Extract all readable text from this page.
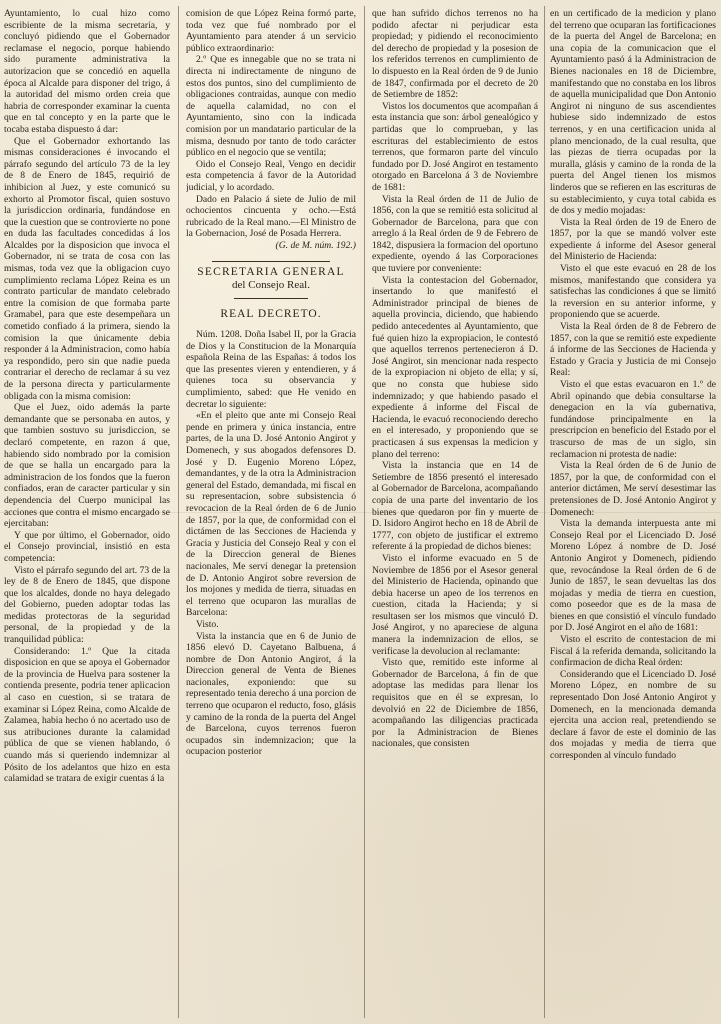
Ayuntamiento, lo cual hizo como escribiente de la misma secretaría, y concluyó pidiendo que el Gobernador reclamase el negocio, porque habiendo sido puramente administrativa la autorizacion que se concedió en aquella época al Alcalde para disponer del trigo, á la autoridad del mismo orden creia que habria de corresponder examinar la cuenta que en tal concepto y en la parte que le tocaba estaba dispuesto á dar:

Que el Gobernador exhortando las mismas consideraciones é invocando el párrafo segundo del artículo 73 de la ley de 8 de Enero de 1845, requirió de inhibicion al Juez, y este comunicó su exhorto al Promotor fiscal, quien sostuvo la jurisdiccion ordinaria, fundándose en que la cuestion que se controvierte no pone en duda las facultades concedidas á los Alcaldes por la disposicion que invoca el Gobernador, ni se trata de cosa con las mismas, toda vez que la obligacion cuyo cumplimiento reclama López Reina es un contrato particular de mandato celebrado entre la comision de que formaba parte Gramabel, para que este desempeñara un cometido confiado á la primera, siendo la comision la que únicamente debia responder á la Administracion, como había ya respondido, pero sin que nadie pueda contrariar el derecho de reclamar á su vez de la persona directa y particularmente obligada con la misma comision:

Que el Juez, oido además la parte demandante que se personaba en autos, y que tambien sostuvo su jurisdiccion, se declaró competente, en razon á que, habiendo sido nombrado por la comision de que se halla un encargado para la administracion de los fondos que la fueron confiados, eran de caracter particular y sin dependencia del Cuerpo municipal las acciones que contra el mismo encargado se ejercitaban:

Y que por último, el Gobernador, oido el Consejo provincial, insistió en esta competencia:

Visto el párrafo segundo del art. 73 de la ley de 8 de Enero de 1845, que dispone que los alcaldes, donde no haya delegado del Gobierno, pueden adoptar todas las medidas protectoras de la seguridad personal, de la propiedad y de la tranquilidad pública:

Considerando: 1.º Que la citada disposicion en que se apoya el Gobernador de la provincia de Huelva para sostener la contienda presente, podria tener aplicacion al caso en cuestion, si se tratara de examinar si López Reina, como Alcalde de Zalamea, habia hecho ó no acertado uso de sus atribuciones durante la calamidad pública de que se vienen hablando, ó cuando más si queriendo indemnizar al Pósito de los adelantos que hizo en esta calamidad se tratara de exigir cuentas á la

comision de que López Reina formó parte, toda vez que fué nombrado por el Ayuntamiento para atender á un servicio público extraordinario:

2.º Que es innegable que no se trata ni directa ni indirectamente de ninguno de estos dos puntos, sino del cumplimiento de obligaciones contraidas, aunque con medio de aquella calamidad, no con el Ayuntamiento, sino con la indicada comision por un mandatario particular de la misma, desnudo por tanto de todo carácter público en el negocio que se ventila;

Oido el Consejo Real, Vengo en decidir esta competencia á favor de la Autoridad judicial, y lo acordado.

Dado en Palacio á siete de Julio de mil ochocientos cincuenta y ocho.—Está rubricado de la Real mano.—El Ministro de la Gobernacion, José de Posada Herrera.

(G. de M. núm. 192.)

SECRETARIA GENERAL
del Consejo Real.
REAL DECRETO.

Núm. 1208. Doña Isabel II, por la Gracia de Dios y la Constitucion de la Monarquía española Reina de las Españas: á todos los que las presentes vieren y entendieren, y á quienes toca su observancia y cumplimiento, sabed: que He venido en decretar lo siguiente:

«En el pleito que ante mi Consejo Real pende en primera y única instancia, entre partes, de la una D. José Antonio Angirot y Domenech, y sus abogados defensores D. José y D. Eugenio Moreno López, demandantes, y de la otra la Administracion general del Estado, demandada, mi fiscal en su representacion, sobre subsistencia ó revocacion de la Real órden de 6 de Junio de 1857, por la que, de conformidad con el dictámen de las Secciones de Hacienda y Gracia y Justicia del Consejo Real y con el de la Direccion general de Bienes nacionales, Me serví denegar la pretension de D. Antonio Angirot sobre reversion de los mojones y medida de tierra, situadas en el terreno que ocuparon las murallas de Barcelona:

Visto.

Vista la instancia que en 6 de Junio de 1856 elevó D. Cayetano Balbuena, á nombre de Don Antonio Angirot, á la Direccion general de Venta de Bienes nacionales, exponiendo: que su representado tenia derecho á una porcion de terreno que ocuparon el reducto, foso, glásis y camino de la ronda de la puerta del Angel de Barcelona, cuyos terrenos fueron ocupados sin indemnizacion; que la ocupacion posterior

que han sufrido dichos terrenos no ha podido afectar ni perjudicar esta propiedad; y pidiendo el reconocimiento del derecho de propiedad y la posesion de los referidos terrenos en cumplimiento de lo dispuesto en la Real órden de 9 de Junio de 1847, confirmada por el decreto de 20 de Setiembre de 1852:

Vistos los documentos que acompañan á esta instancia que son: árbol genealógico y partidas que lo comprueban, y las escrituras del establecimiento de estos terrenos, que formaron parte del vínculo fundado por D. José Angirot en testamento otorgado en Barcelona á 3 de Noviembre de 1681:

Vista la Real órden de 11 de Julio de 1856, con la que se remitió esta solicitud al Gobernador de Barcelona, para que con arreglo á la Real órden de 9 de Febrero de 1842, dispusiera la formacion del oportuno expediente, oyendo á las Corporaciones que tuviere por conveniente:

Vista la contestacion del Gobernador, insertando lo que manifestó el Administrador principal de bienes de aquella provincia, diciendo, que habiendo pedido antecedentes al Ayuntamiento, que fué quien hizo la expropiacion, le contestó que aquellos terrenos pertenecieron á D. José Angirot, sin mencionar nada respecto de la expropiacion ni objeto de ella; y sí, que no consta que hubiese sido indemnizado; y que habiendo pasado el expediente á informe del Fiscal de Hacienda, le evacuó reconociendo derecho en el interesado, y proponiendo que se practicasen á sus expensas la medicion y plano del terreno:

Vista la instancia que en 14 de Setiembre de 1856 presentó el interesado al Gobernador de Barcelona, acompañando copia de una parte del inventario de los bienes que quedaron por fin y muerte de D. Isidoro Angirot hecho en 18 de Abril de 1777, con objeto de justificar el extremo referente á la propiedad de dichos bienes:

Visto el informe evacuado en 5 de Noviembre de 1856 por el Asesor general del Ministerio de Hacienda, opinando que debia hacerse un apeo de los terrenos en cuestion, citada la Hacienda; y si resultasen ser los mismos que vinculó D. José Angirot, y no apareciese de alguna manera la indemnizacion de ellos, se verificase la devolucion al reclamante:

Visto que, remitido este informe al Gobernador de Barcelona, á fin de que adoptase las medidas para llenar los requisitos que en él se expresan, lo devolvió en 22 de Diciembre de 1856, acompañando las diligencias practicada por la Administracion de Bienes nacionales, que consisten

en un certificado de la medicion y plano del terreno que ocuparan las fortificaciones de la puerta del Angel de Barcelona; en una copia de la comunicacion que el Ayuntamiento pasó á la Administracion de Bienes nacionales en 18 de Diciembre, manifestando que no constaba en los libros de aquella municipalidad que Don Antonio Angirot ni ninguno de sus ascendientes hubiese sido indemnizado de estos terrenos, y en una certificacion unida al plano mencionado, de la cual resulta, que las piezas de tierra ocupadas por la muralla, glásis y camino de la ronda de la puerta del Angel tienen los mismos linderos que se refieren en las escrituras de su establecimiento, y cuya total cabida es de dos y medio mojadas:

Vista la Real órden de 19 de Enero de 1857, por la que se mandó volver este expediente á informe del Asesor general del Ministerio de Hacienda:

Visto el que este evacuó en 28 de los mismos, manifestando que considera ya satisfechas las condiciones á que se limitó la reversion en su anterior informe, y proponiendo que se acuerde.

Vista la Real órden de 8 de Febrero de 1857, con la que se remitió este expediente á informe de las Secciones de Hacienda y Estado y Gracia y Justicia de mi Consejo Real:

Visto el que estas evacuaron en 1.º de Abril opinando que debia consultarse la denegacion en la vía gubernativa, fundándose principalmente en la prescripcion en beneficio del Estado por el trascurso de mas de un siglo, sin reclamacion ni protesta de nadie:

Vista la Real órden de 6 de Junio de 1857, por la que, de conformidad con el anterior dictámen, Me serví desestimar las pretensiones de D. José Antonio Angirot y Domenech:

Vista la demanda interpuesta ante mi Consejo Real por el Licenciado D. José Moreno López á nombre de D. José Antonio Angirot y Domenech, pidiendo que, revocándose la Real órden de 6 de Junio de 1857, le sean devueltas las dos mojadas y media de tierra en cuestion, como poseedor que es de la masa de bienes en que consistió el vínculo fundado por D. José Angirot en el año de 1681:

Visto el escrito de contestacion de mi Fiscal á la referida demanda, solicitando la confirmacion de dicha Real órden:

Considerando que el Licenciado D. José Moreno López, en nombre de su representado Don José Antonio Angirot y Domenech, en la mencionada demanda ejercita una accion real, pretendiendo se declare á favor de este el dominio de las dos mojadas y media de tierra que corresponden al vínculo fundado
